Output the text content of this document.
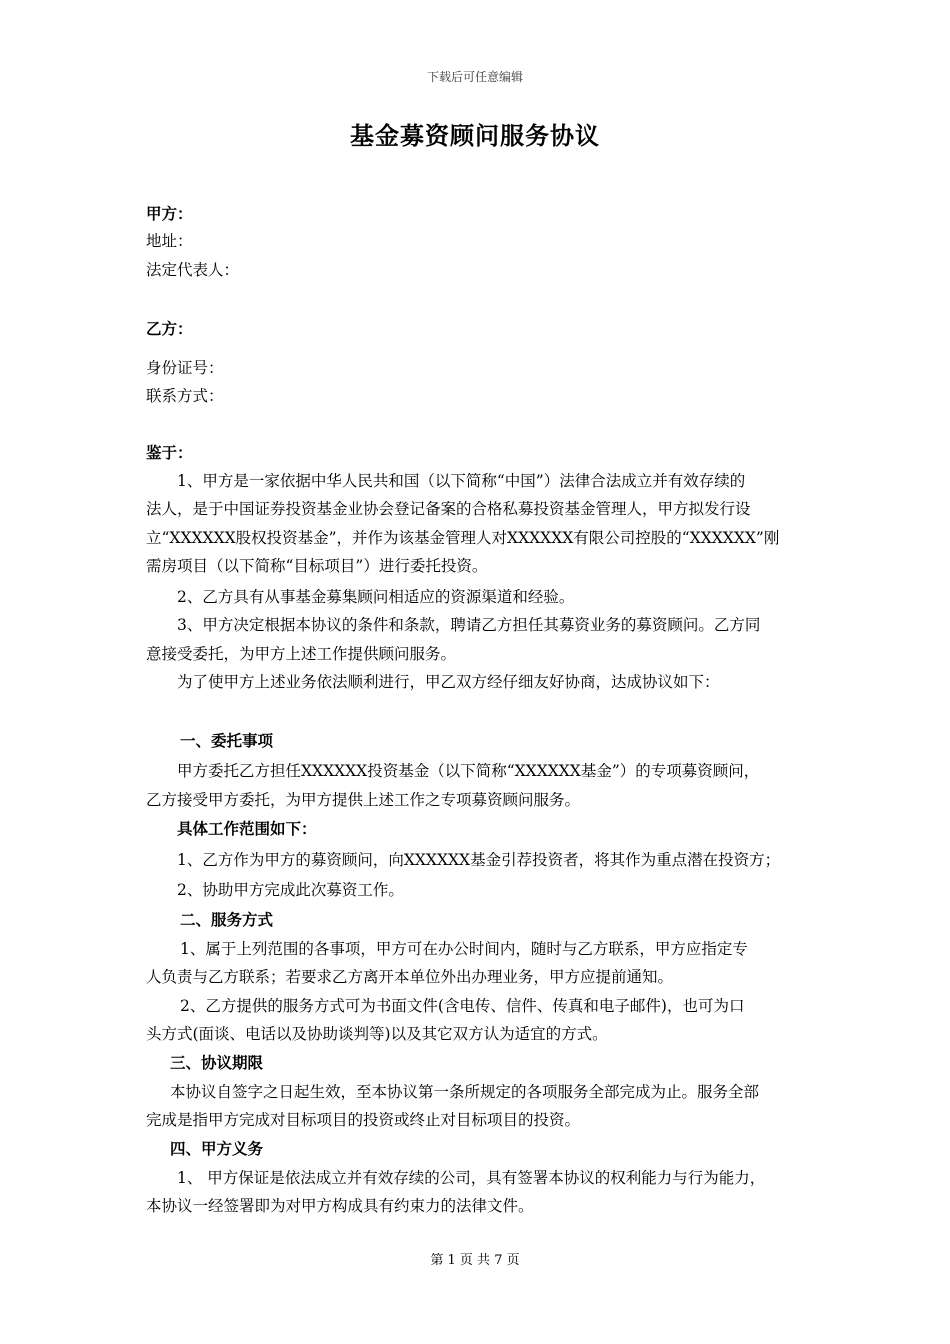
下载后可任意编辑
基金募资顾问服务协议
甲方：
地址：
法定代表人：
乙方：
身份证号：
联系方式：
鉴于：
1、甲方是一家依据中华人民共和国（以下简称“中国”）法律合法成立并有效存续的
法人，是于中国证券投资基金业协会登记备案的合格私募投资基金管理人，甲方拟发行设
立“XXXXXX股权投资基金”，并作为该基金管理人对XXXXXX有限公司控股的“XXXXXX”刚
需房项目（以下简称“目标项目”）进行委托投资。
2、乙方具有从事基金募集顾问相适应的资源渠道和经验。
3、甲方决定根据本协议的条件和条款，聘请乙方担任其募资业务的募资顾问。乙方同
意接受委托，为甲方上述工作提供顾问服务。
为了使甲方上述业务依法顺利进行，甲乙双方经仔细友好协商，达成协议如下：
一、委托事项
甲方委托乙方担任XXXXXX投资基金（以下简称“XXXXXX基金”）的专项募资顾问，
乙方接受甲方委托，为甲方提供上述工作之专项募资顾问服务。
具体工作范围如下：
1、乙方作为甲方的募资顾问，向XXXXXX基金引荐投资者，将其作为重点潜在投资方；
2、协助甲方完成此次募资工作。
二、服务方式
1、属于上列范围的各事项，甲方可在办公时间内，随时与乙方联系，甲方应指定专
人负责与乙方联系；若要求乙方离开本单位外出办理业务，甲方应提前通知。
2、乙方提供的服务方式可为书面文件(含电传、信件、传真和电子邮件)，也可为口
头方式(面谈、电话以及协助谈判等)以及其它双方认为适宜的方式。
三、协议期限
本协议自签字之日起生效，至本协议第一条所规定的各项服务全部完成为止。服务全部
完成是指甲方完成对目标项目的投资或终止对目标项目的投资。
四、甲方义务
1、 甲方保证是依法成立并有效存续的公司，具有签署本协议的权利能力与行为能力，
本协议一经签署即为对甲方构成具有约束力的法律文件。
第 1 页 共 7 页
